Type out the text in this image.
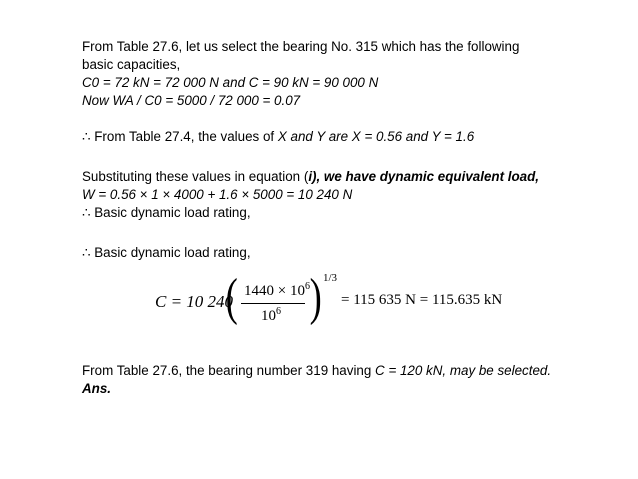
From Table 27.6, let us select the bearing No. 315 which has the following
basic capacities,
C0 = 72 kN = 72 000 N and C = 90 kN = 90 000 N
Now WA / C0 = 5000 / 72 000 = 0.07
∴ From Table 27.4, the values of X and Y are X = 0.56 and Y = 1.6
Substituting these values in equation (i), we have dynamic equivalent load,
W = 0.56 × 1 × 4000 + 1.6 × 5000 = 10 240 N
∴ Basic dynamic load rating,
∴ Basic dynamic load rating,
C = 10 240
( $1440 \times 10^6$
$10^6$ ) 1/3
= 115 635 N = 115.635 kN
From Table 27.6, the bearing number 319 having C = 120 kN, may be selected.
Ans.
